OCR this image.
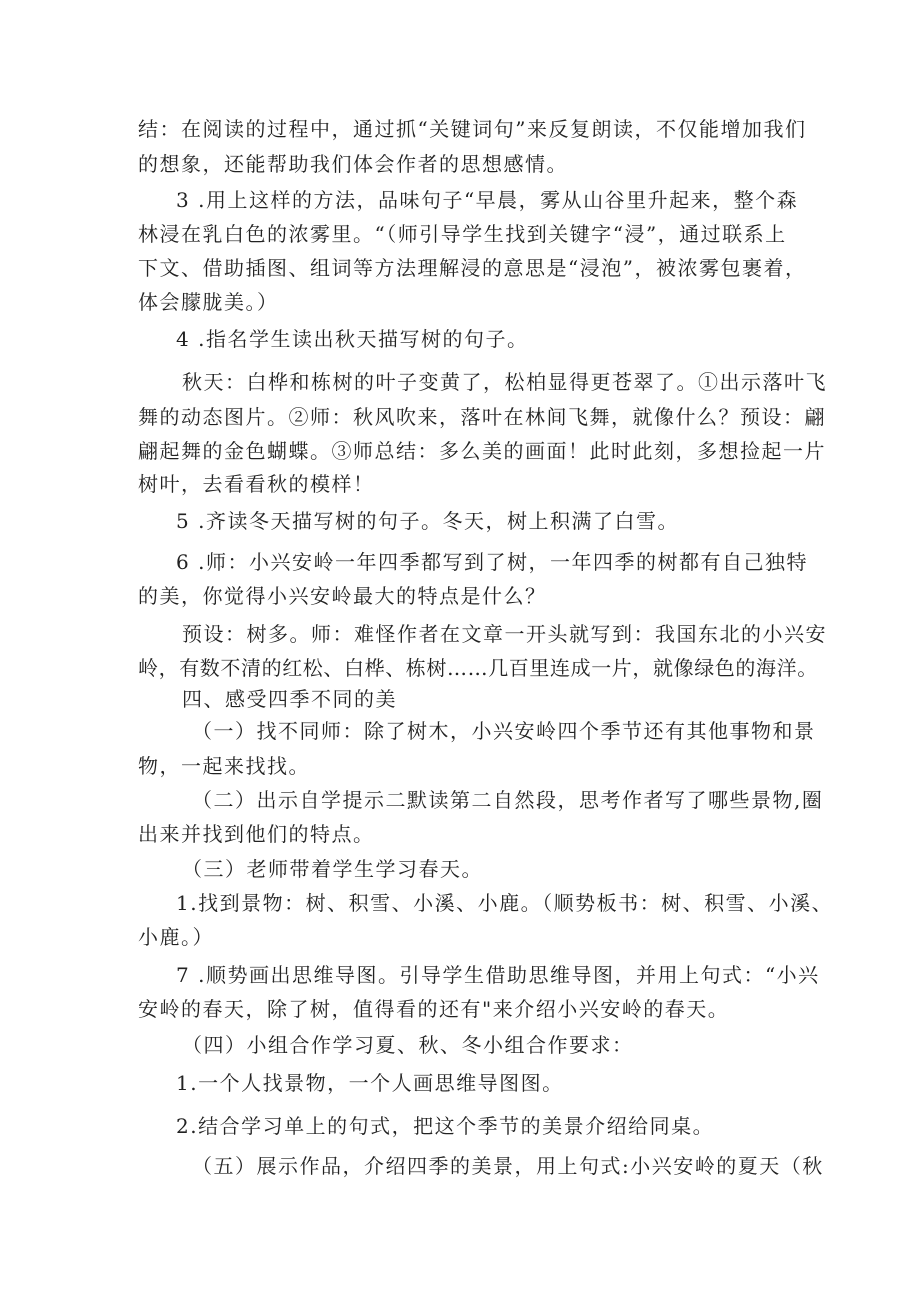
结：在阅读的过程中，通过抓“关键词句”来反复朗读，不仅能增加我们
的想象，还能帮助我们体会作者的思想感情。
3 .用上这样的方法，品味句子“早晨，雾从山谷里升起来，整个森
林浸在乳白色的浓雾里。“（师引导学生找到关键字“浸”，通过联系上
下文、借助插图、组词等方法理解浸的意思是“浸泡”，被浓雾包裹着，
体会朦胧美。）
4 .指名学生读出秋天描写树的句子。
秋天：白桦和栋树的叶子变黄了，松柏显得更苍翠了。①出示落叶飞
舞的动态图片。②师：秋风吹来，落叶在林间飞舞，就像什么？预设：翩
翩起舞的金色蝴蝶。③师总结：多么美的画面！此时此刻，多想捡起一片
树叶，去看看秋的模样！
5 .齐读冬天描写树的句子。冬天，树上积满了白雪。
6 .师：小兴安岭一年四季都写到了树，一年四季的树都有自己独特
的美，你觉得小兴安岭最大的特点是什么？
预设：树多。师：难怪作者在文章一开头就写到：我国东北的小兴安
岭，有数不清的红松、白桦、栋树……几百里连成一片，就像绿色的海洋。
四、感受四季不同的美
（一）找不同师：除了树木，小兴安岭四个季节还有其他事物和景
物，一起来找找。
（二）出示自学提示二默读第二自然段，思考作者写了哪些景物,圈
出来并找到他们的特点。
（三）老师带着学生学习春天。
1.找到景物：树、积雪、小溪、小鹿。（顺势板书：树、积雪、小溪、
小鹿。）
7 .顺势画出思维导图。引导学生借助思维导图，并用上句式：“小兴
安岭的春天，除了树，值得看的还有"来介绍小兴安岭的春天。
（四）小组合作学习夏、秋、冬小组合作要求：
1.一个人找景物，一个人画思维导图图。
2.结合学习单上的句式，把这个季节的美景介绍给同桌。
（五）展示作品，介绍四季的美景，用上句式:小兴安岭的夏天（秋
